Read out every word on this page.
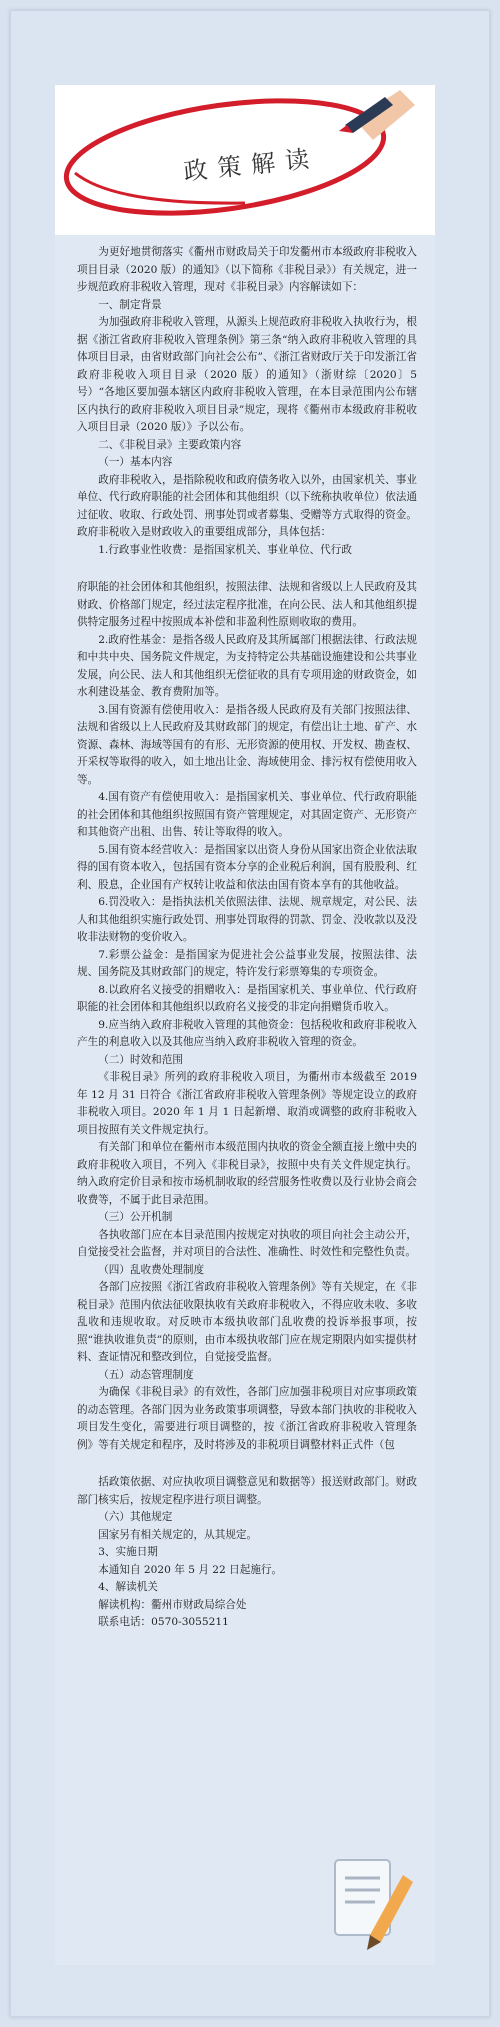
政策解读

为更好地贯彻落实《衢州市财政局关于印发衢州市本级政府非税收入项目目录（2020 版）的通知》（以下简称《非税目录》）有关规定，进一步规范政府非税收入管理，现对《非税目录》内容解读如下：

一、制定背景

为加强政府非税收入管理，从源头上规范政府非税收入执收行为，根据《浙江省政府非税收入管理条例》第三条“纳入政府非税收入管理的具体项目目录，由省财政部门向社会公布”、《浙江省财政厅关于印发浙江省政府非税收入项目目录（2020 版）的通知》（浙财综〔2020〕5 号）“各地区要加强本辖区内政府非税收入管理，在本目录范围内公布辖区内执行的政府非税收入项目目录”规定，现将《衢州市本级政府非税收入项目目录（2020 版）》予以公布。

二、《非税目录》主要政策内容

（一）基本内容

政府非税收入，是指除税收和政府债务收入以外，由国家机关、事业单位、代行政府职能的社会团体和其他组织（以下统称执收单位）依法通过征收、收取、行政处罚、刑事处罚或者募集、受赠等方式取得的资金。政府非税收入是财政收入的重要组成部分，具体包括：

1.行政事业性收费：是指国家机关、事业单位、代行政

府职能的社会团体和其他组织，按照法律、法规和省级以上人民政府及其财政、价格部门规定，经过法定程序批准，在向公民、法人和其他组织提供特定服务过程中按照成本补偿和非盈利性原则收取的费用。

2.政府性基金：是指各级人民政府及其所属部门根据法律、行政法规和中共中央、国务院文件规定，为支持特定公共基础设施建设和公共事业发展，向公民、法人和其他组织无偿征收的具有专项用途的财政资金，如水利建设基金、教育费附加等。

3.国有资源有偿使用收入：是指各级人民政府及有关部门按照法律、法规和省级以上人民政府及其财政部门的规定，有偿出让土地、矿产、水资源、森林、海域等国有的有形、无形资源的使用权、开发权、勘查权、开采权等取得的收入，如土地出让金、海域使用金、排污权有偿使用收入等。

4.国有资产有偿使用收入：是指国家机关、事业单位、代行政府职能的社会团体和其他组织按照国有资产管理规定，对其固定资产、无形资产和其他资产出租、出售、转让等取得的收入。

5.国有资本经营收入：是指国家以出资人身份从国家出资企业依法取得的国有资本收入，包括国有资本分享的企业税后利润，国有股股利、红利、股息，企业国有产权转让收益和依法由国有资本享有的其他收益。

6.罚没收入：是指执法机关依照法律、法规、规章规定，对公民、法人和其他组织实施行政处罚、刑事处罚取得的罚款、罚金、没收款以及没收非法财物的变价收入。

7.彩票公益金：是指国家为促进社会公益事业发展，按照法律、法规、国务院及其财政部门的规定，特许发行彩票筹集的专项资金。

8.以政府名义接受的捐赠收入：是指国家机关、事业单位、代行政府职能的社会团体和其他组织以政府名义接受的非定向捐赠货币收入。

9.应当纳入政府非税收入管理的其他资金：包括税收和政府非税收入产生的利息收入以及其他应当纳入政府非税收入管理的资金。

（二）时效和范围

《非税目录》所列的政府非税收入项目，为衢州市本级截至 2019 年 12 月 31 日符合《浙江省政府非税收入管理条例》等规定设立的政府非税收入项目。2020 年 1 月 1 日起新增、取消或调整的政府非税收入项目按照有关文件规定执行。

有关部门和单位在衢州市本级范围内执收的资金全额直接上缴中央的政府非税收入项目，不列入《非税目录》，按照中央有关文件规定执行。纳入政府定价目录和按市场机制收取的经营服务性收费以及行业协会商会收费等，不属于此目录范围。

（三）公开机制

各执收部门应在本目录范围内按规定对执收的项目向社会主动公开，自觉接受社会监督，并对项目的合法性、准确性、时效性和完整性负责。

（四）乱收费处理制度

各部门应按照《浙江省政府非税收入管理条例》等有关规定，在《非税目录》范围内依法征收限执收有关政府非税收入，不得应收未收、多收乱收和违规收取。对反映市本级执收部门乱收费的投诉举报事项，按照“谁执收谁负责”的原则，由市本级执收部门应在规定期限内如实提供材料、查证情况和整改到位，自觉接受监督。

（五）动态管理制度

为确保《非税目录》的有效性，各部门应加强非税项目对应事项政策的动态管理。各部门因为业务政策事项调整，导致本部门执收的非税收入项目发生变化，需要进行项目调整的，按《浙江省政府非税收入管理条例》等有关规定和程序，及时将涉及的非税项目调整材料正式件（包

括政策依据、对应执收项目调整意见和数据等）报送财政部门。财政部门核实后，按规定程序进行项目调整。

（六）其他规定

国家另有相关规定的，从其规定。

3、实施日期

本通知自 2020 年 5 月 22 日起施行。

4、解读机关

解读机构：衢州市财政局综合处

联系电话：0570-3055211
